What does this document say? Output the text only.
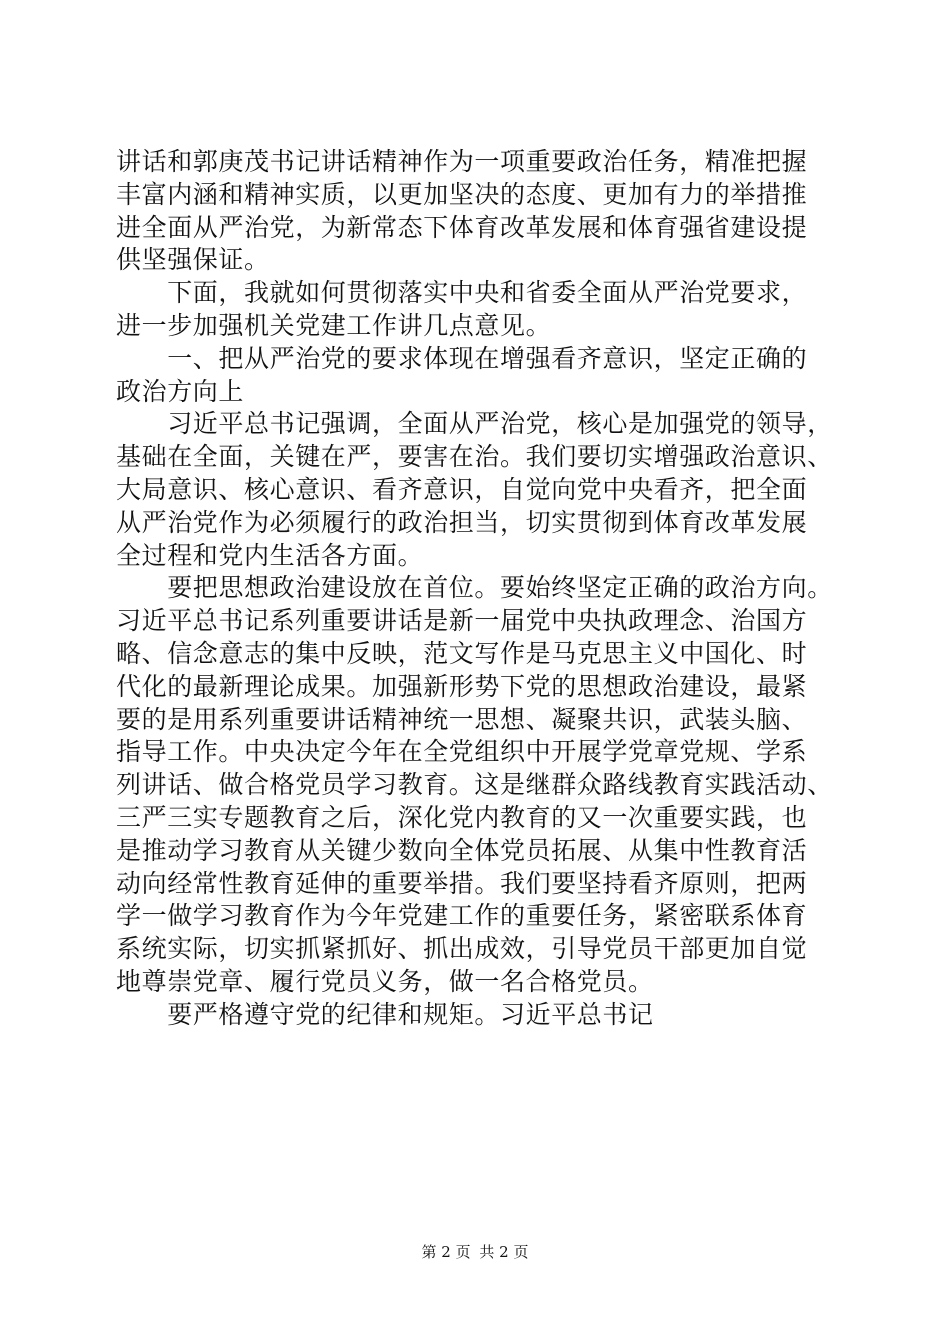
讲话和郭庚茂书记讲话精神作为一项重要政治任务，精准把握
丰富内涵和精神实质，以更加坚决的态度、更加有力的举措推
进全面从严治党，为新常态下体育改革发展和体育强省建设提
供坚强保证。
　　下面，我就如何贯彻落实中央和省委全面从严治党要求，
进一步加强机关党建工作讲几点意见。
　　一、把从严治党的要求体现在增强看齐意识，坚定正确的
政治方向上
　　习近平总书记强调，全面从严治党，核心是加强党的领导，
基础在全面，关键在严，要害在治。我们要切实增强政治意识、
大局意识、核心意识、看齐意识，自觉向党中央看齐，把全面
从严治党作为必须履行的政治担当，切实贯彻到体育改革发展
全过程和党内生活各方面。
　　要把思想政治建设放在首位。要始终坚定正确的政治方向。
习近平总书记系列重要讲话是新一届党中央执政理念、治国方
略、信念意志的集中反映，范文写作是马克思主义中国化、时
代化的最新理论成果。加强新形势下党的思想政治建设，最紧
要的是用系列重要讲话精神统一思想、凝聚共识，武装头脑、
指导工作。中央决定今年在全党组织中开展学党章党规、学系
列讲话、做合格党员学习教育。这是继群众路线教育实践活动、
三严三实专题教育之后，深化党内教育的又一次重要实践，也
是推动学习教育从关键少数向全体党员拓展、从集中性教育活
动向经常性教育延伸的重要举措。我们要坚持看齐原则，把两
学一做学习教育作为今年党建工作的重要任务，紧密联系体育
系统实际，切实抓紧抓好、抓出成效，引导党员干部更加自觉
地尊崇党章、履行党员义务，做一名合格党员。
　　要严格遵守党的纪律和规矩。习近平总书记
第 2 页 共 2 页
